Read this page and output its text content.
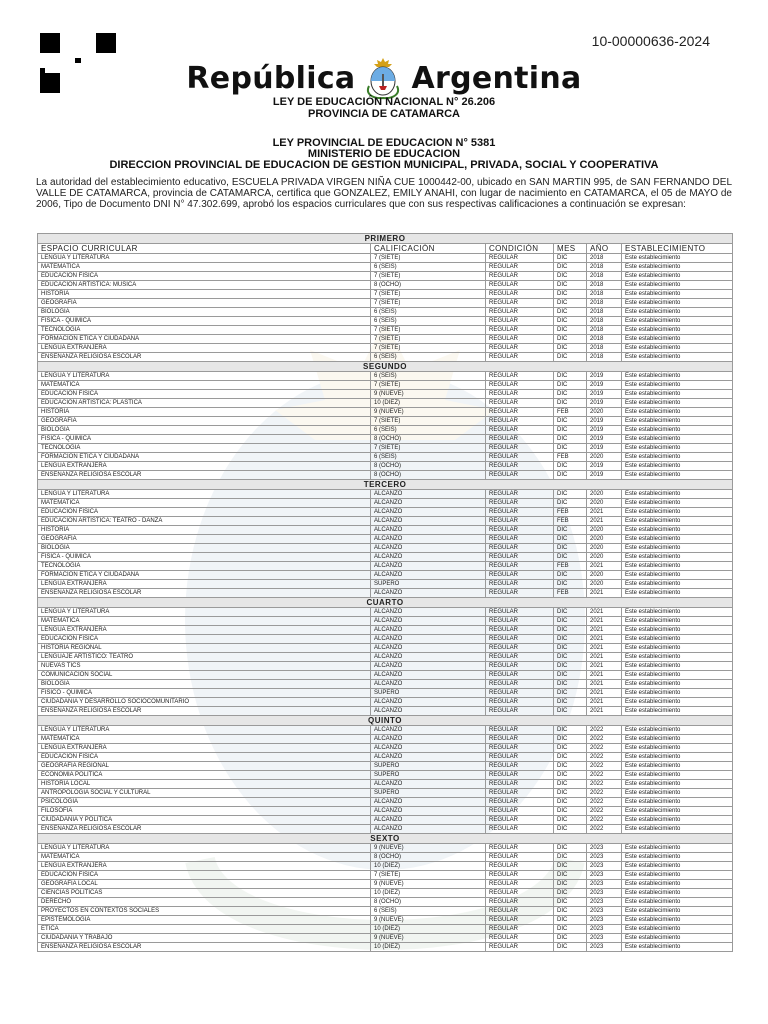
10-00000636-2024
República Argentina
LEY DE EDUCACIÓN NACIONAL N° 26.206
PROVINCIA DE CATAMARCA
LEY PROVINCIAL DE EDUCACION N° 5381
MINISTERIO DE EDUCACION
DIRECCION PROVINCIAL DE EDUCACION DE GESTION MUNICIPAL, PRIVADA, SOCIAL Y COOPERATIVA
La autoridad del establecimiento educativo, ESCUELA PRIVADA VIRGEN NIÑA CUE 1000442-00, ubicado en SAN MARTIN 995, de SAN FERNANDO DEL VALLE DE CATAMARCA, provincia de CATAMARCA, certifica que GONZALEZ, EMILY ANAHI, con lugar de nacimiento en CATAMARCA, el 05 de MAYO de 2006, Tipo de Documento DNI N° 47.302.699, aprobó los espacios curriculares que con sus respectivas calificaciones a continuación se expresan:
PRIMERO					
ESPACIO CURRICULAR	CALIFICACIÓN	CONDICIÓN	MES	AÑO	ESTABLECIMIENTO
LENGUA Y LITERATURA	7 (SIETE)	REGULAR	DIC	2018	Este establecimiento
MATEMÁTICA	6 (SEIS)	REGULAR	DIC	2018	Este establecimiento
EDUCACION FISICA	7 (SIETE)	REGULAR	DIC	2018	Este establecimiento
EDUCACION ARTISTICA: MUSICA	8 (OCHO)	REGULAR	DIC	2018	Este establecimiento
HISTORIA	7 (SIETE)	REGULAR	DIC	2018	Este establecimiento
GEOGRAFIA	7 (SIETE)	REGULAR	DIC	2018	Este establecimiento
BIOLOGIA	6 (SEIS)	REGULAR	DIC	2018	Este establecimiento
FISICA - QUIMICA	6 (SEIS)	REGULAR	DIC	2018	Este establecimiento
TECNOLOGIA	7 (SIETE)	REGULAR	DIC	2018	Este establecimiento
FORMACION ETICA Y CIUDADANA	7 (SIETE)	REGULAR	DIC	2018	Este establecimiento
LENGUA EXTRANJERA	7 (SIETE)	REGULAR	DIC	2018	Este establecimiento
ENSEÑANZA RELIGIOSA ESCOLAR	6 (SEIS)	REGULAR	DIC	2018	Este establecimiento
SEGUNDO					
LENGUA Y LITERATURA	6 (SEIS)	REGULAR	DIC	2019	Este establecimiento
MATEMATICA	7 (SIETE)	REGULAR	DIC	2019	Este establecimiento
EDUCACION FISICA	9 (NUEVE)	REGULAR	DIC	2019	Este establecimiento
EDUCACION ARTISTICA: PLASTICA	10 (DIEZ)	REGULAR	DIC	2019	Este establecimiento
HISTORIA	9 (NUEVE)	REGULAR	FEB	2020	Este establecimiento
GEOGRAFIA	7 (SIETE)	REGULAR	DIC	2019	Este establecimiento
BIOLOGIA	6 (SEIS)	REGULAR	DIC	2019	Este establecimiento
FISICA - QUIMICA	8 (OCHO)	REGULAR	DIC	2019	Este establecimiento
TECNOLOGIA	7 (SIETE)	REGULAR	DIC	2019	Este establecimiento
FORMACION ETICA Y CIUDADANA	6 (SEIS)	REGULAR	FEB	2020	Este establecimiento
LENGUA EXTRANJERA	8 (OCHO)	REGULAR	DIC	2019	Este establecimiento
ENSEÑANZA RELIGIOSA ESCOLAR	8 (OCHO)	REGULAR	DIC	2019	Este establecimiento
TERCERO					
LENGUA Y LITERATURA	ALCANZO	REGULAR	DIC	2020	Este establecimiento
MATEMATICA	ALCANZO	REGULAR	DIC	2020	Este establecimiento
EDUCACION FISICA	ALCANZO	REGULAR	FEB	2021	Este establecimiento
EDUCACION ARTISTICA: TEATRO - DANZA	ALCANZO	REGULAR	FEB	2021	Este establecimiento
HISTORIA	ALCANZO	REGULAR	DIC	2020	Este establecimiento
GEOGRAFIA	ALCANZO	REGULAR	DIC	2020	Este establecimiento
BIOLOGIA	ALCANZO	REGULAR	DIC	2020	Este establecimiento
FISICA - QUIMICA	ALCANZO	REGULAR	DIC	2020	Este establecimiento
TECNOLOGIA	ALCANZO	REGULAR	FEB	2021	Este establecimiento
FORMACION ETICA Y CIUDADANA	ALCANZO	REGULAR	DIC	2020	Este establecimiento
LENGUA EXTRANJERA	SUPERO	REGULAR	DIC	2020	Este establecimiento
ENSEÑANZA RELIGIOSA ESCOLAR	ALCANZO	REGULAR	FEB	2021	Este establecimiento
CUARTO					
LENGUA Y LITERATURA	ALCANZO	REGULAR	DIC	2021	Este establecimiento
MATEMATICA	ALCANZO	REGULAR	DIC	2021	Este establecimiento
LENGUA EXTRANJERA	ALCANZO	REGULAR	DIC	2021	Este establecimiento
EDUCACION FISICA	ALCANZO	REGULAR	DIC	2021	Este establecimiento
HISTORIA REGIONAL	ALCANZO	REGULAR	DIC	2021	Este establecimiento
LENGUAJE ARTISTICO: TEATRO	ALCANZO	REGULAR	DIC	2021	Este establecimiento
NUEVAS TICS	ALCANZO	REGULAR	DIC	2021	Este establecimiento
COMUNICACION SOCIAL	ALCANZO	REGULAR	DIC	2021	Este establecimiento
BIOLOGIA	ALCANZO	REGULAR	DIC	2021	Este establecimiento
FISICO - QUIMICA	SUPERO	REGULAR	DIC	2021	Este establecimiento
CIUDADANIA Y DESARROLLO SOCIOCOMUNITARIO	ALCANZO	REGULAR	DIC	2021	Este establecimiento
ENSEÑANZA RELIGIOSA ESCOLAR	ALCANZO	REGULAR	DIC	2021	Este establecimiento
QUINTO					
LENGUA Y LITERATURA	ALCANZO	REGULAR	DIC	2022	Este establecimiento
MATEMATICA	ALCANZO	REGULAR	DIC	2022	Este establecimiento
LENGUA EXTRANJERA	ALCANZO	REGULAR	DIC	2022	Este establecimiento
EDUCACION FISICA	ALCANZO	REGULAR	DIC	2022	Este establecimiento
GEOGRAFIA REGIONAL	SUPERO	REGULAR	DIC	2022	Este establecimiento
ECONOMIA POLITICA	SUPERO	REGULAR	DIC	2022	Este establecimiento
HISTORIA LOCAL	ALCANZO	REGULAR	DIC	2022	Este establecimiento
ANTROPOLOGIA SOCIAL Y CULTURAL	SUPERO	REGULAR	DIC	2022	Este establecimiento
PSICOLOGIA	ALCANZO	REGULAR	DIC	2022	Este establecimiento
FILOSOFIA	ALCANZO	REGULAR	DIC	2022	Este establecimiento
CIUDADANIA Y POLITICA	ALCANZO	REGULAR	DIC	2022	Este establecimiento
ENSEÑANZA RELIGIOSA ESCOLAR	ALCANZO	REGULAR	DIC	2022	Este establecimiento
SEXTO					
LENGUA Y LITERATURA	9 (NUEVE)	REGULAR	DIC	2023	Este establecimiento
MATEMATICA	8 (OCHO)	REGULAR	DIC	2023	Este establecimiento
LENGUA EXTRANJERA	10 (DIEZ)	REGULAR	DIC	2023	Este establecimiento
EDUCACION FISICA	7 (SIETE)	REGULAR	DIC	2023	Este establecimiento
GEOGRAFIA LOCAL	9 (NUEVE)	REGULAR	DIC	2023	Este establecimiento
CIENCIAS POLITICAS	10 (DIEZ)	REGULAR	DIC	2023	Este establecimiento
DERECHO	8 (OCHO)	REGULAR	DIC	2023	Este establecimiento
PROYECTOS EN CONTEXTOS SOCIALES	6 (SEIS)	REGULAR	DIC	2023	Este establecimiento
EPISTEMOLOGIA	9 (NUEVE)	REGULAR	DIC	2023	Este establecimiento
ETICA	10 (DIEZ)	REGULAR	DIC	2023	Este establecimiento
CIUDADANIA Y TRABAJO	9 (NUEVE)	REGULAR	DIC	2023	Este establecimiento
ENSEÑANZA RELIGIOSA ESCOLAR	10 (DIEZ)	REGULAR	DIC	2023	Este establecimiento
